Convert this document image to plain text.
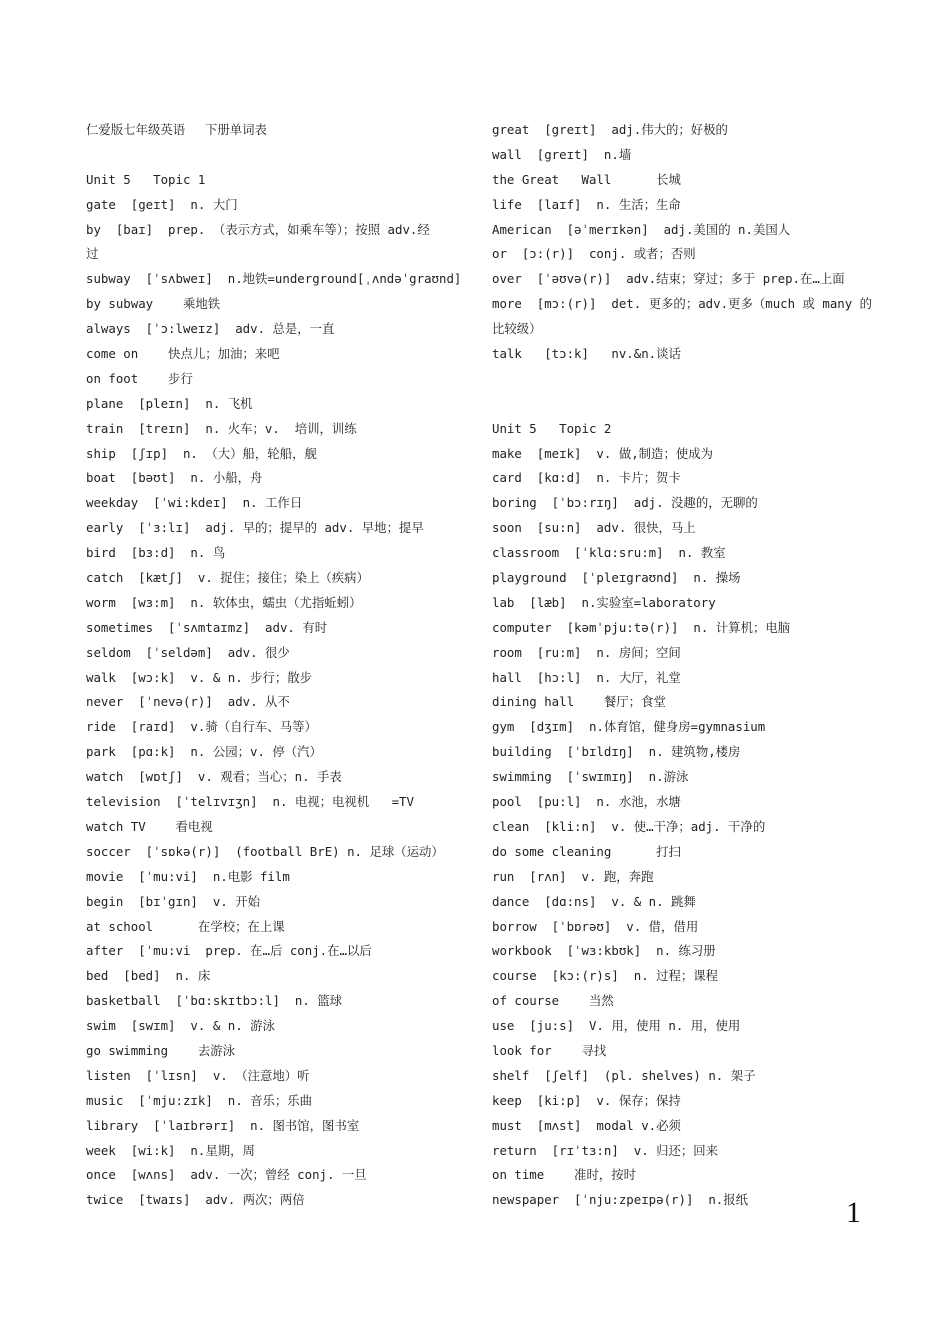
仁爱版七年级英语　 下册单词表
Unit 5   Topic 1
gate  [geɪt]  n. 大门
by  [baɪ]  prep. （表示方式，如乘车等）；按照 adv.经
过
subway  [ˈsʌbweɪ]  n.地铁=underground[ˌʌndəˈgraʊnd]
by subway    乘地铁
always  [ˈɔ:lweɪz]  adv. 总是，一直
come on    快点儿；加油；来吧
on foot    步行
plane  [pleɪn]  n. 飞机
train  [treɪn]  n. 火车；v.  培训，训练
ship  [ʃɪp]  n. （大）船，轮船，舰
boat  [bəʊt]  n. 小船，舟
weekday  [ˈwi:kdeɪ]  n. 工作日
early  [ˈɜ:lɪ]  adj. 早的；提早的 adv. 早地；提早
bird  [bɜ:d]  n. 鸟
catch  [kætʃ]  v. 捉住；接住；染上（疾病）
worm  [wɜ:m]  n. 软体虫，蠕虫（尤指蚯蚓）
sometimes  [ˈsʌmtaɪmz]  adv. 有时
seldom  [ˈseldəm]  adv. 很少
walk  [wɔ:k]  v. & n. 步行；散步
never  [ˈnevə(r)]  adv. 从不
ride  [raɪd]  v.骑（自行车、马等）
park  [pɑ:k]  n. 公园；v. 停（汽）
watch  [wɒtʃ]  v. 观看；当心；n. 手表
television  [ˈtelɪvɪʒn]  n. 电视；电视机   =TV
watch TV    看电视
soccer  [ˈsɒkə(r)]  (football BrE) n. 足球（运动）
movie  [ˈmu:vi]  n.电影 film
begin  [bɪˈgɪn]  v. 开始
at school      在学校；在上课
after  [ˈmu:vi  prep. 在…后 conj.在…以后
bed  [bed]  n. 床
basketball  [ˈbɑ:skɪtbɔ:l]  n. 篮球
swim  [swɪm]  v. & n. 游泳
go swimming    去游泳
listen  [ˈlɪsn]  v. （注意地）听
music  [ˈmju:zɪk]  n. 音乐；乐曲
library  [ˈlaɪbrərɪ]  n. 图书馆，图书室
week  [wi:k]  n.星期，周
once  [wʌns]  adv. 一次；曾经 conj. 一旦
twice  [twaɪs]  adv. 两次；两倍
great  [greɪt]  adj.伟大的；好极的
wall  [greɪt]  n.墙
the Great   Wall      长城
life  [laɪf]  n. 生活；生命
American  [əˈmerɪkən]  adj.美国的 n.美国人
or  [ɔ:(r)]  conj. 或者；否则
over  [ˈəʊvə(r)]  adv.结束；穿过；多于 prep.在…上面
more  [mɔ:(r)]  det. 更多的；adv.更多（much 或 many 的
比较级）
talk   [tɔ:k]   nv.&n.谈话
Unit 5   Topic 2
make  [meɪk]  v. 做,制造；使成为
card  [kɑ:d]  n. 卡片；贺卡
boring  [ˈbɔ:rɪŋ]  adj. 没趣的，无聊的
soon  [su:n]  adv. 很快，马上
classroom  [ˈklɑ:sru:m]  n. 教室
playground  [ˈpleɪgraʊnd]  n. 操场
lab  [læb]  n.实验室=laboratory
computer  [kəmˈpju:tə(r)]  n. 计算机；电脑
room  [ru:m]  n. 房间；空间
hall  [hɔ:l]  n. 大厅，礼堂
dining hall    餐厅；食堂
gym  [dʒɪm]  n.体育馆，健身房=gymnasium
building  [ˈbɪldɪŋ]  n. 建筑物,楼房
swimming  [ˈswɪmɪŋ]  n.游泳
pool  [pu:l]  n. 水池，水塘
clean  [kli:n]  v. 使…干净；adj. 干净的
do some cleaning      打扫
run  [rʌn]  v. 跑，奔跑
dance  [dɑ:ns]  v. & n. 跳舞
borrow  [ˈbɒrəʊ]  v. 借，借用
workbook  [ˈwɜ:kbʊk]  n. 练习册
course  [kɔ:(r)s]  n. 过程；课程
of course    当然
use  [ju:s]  V. 用，使用 n. 用，使用
look for    寻找
shelf  [ʃelf]  (pl. shelves) n. 架子
keep  [ki:p]  v. 保存；保持
must  [mʌst]  modal v.必须
return  [rɪˈtɜ:n]  v. 归还；回来
on time    准时，按时
newspaper  [ˈnju:zpeɪpə(r)]  n.报纸	1
